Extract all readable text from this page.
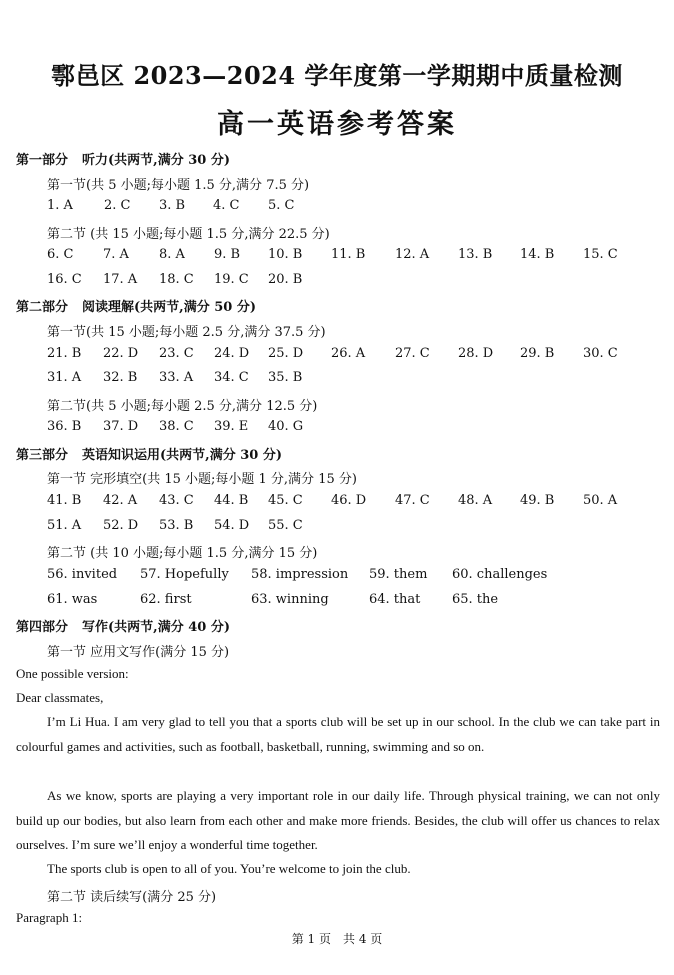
鄠邑区 2023—2024 学年度第一学期期中质量检测
高一英语参考答案
第一部分 听力(共两节,满分 30 分)
第一节(共 5 小题;每小题 1.5 分,满分 7.5 分)
1. A 2. C 3. B 4. C 5. C
第二节 (共 15 小题;每小题 1.5 分,满分 22.5 分)
6. C 7. A 8. A 9. B 10. B 11. B 12. A 13. B 14. B 15. C
16. C 17. A 18. C 19. C 20. B
第二部分 阅读理解(共两节,满分 50 分)
第一节(共 15 小题;每小题 2.5 分,满分 37.5 分)
21. B 22. D 23. C 24. D 25. D 26. A 27. C 28. D 29. B 30. C
31. A 32. B 33. A 34. C 35. B
第二节(共 5 小题;每小题 2.5 分,满分 12.5 分)
36. B 37. D 38. C 39. E 40. G
第三部分 英语知识运用(共两节,满分 30 分)
第一节 完形填空(共 15 小题;每小题 1 分,满分 15 分)
41. B 42. A 43. C 44. B 45. C 46. D 47. C 48. A 49. B 50. A
51. A 52. D 53. B 54. D 55. C
第二节 (共 10 小题;每小题 1.5 分,满分 15 分)
56. invited 57. Hopefully 58. impression 59. them 60. challenges
61. was	62. first	63. winning	64. that 65. the
第四部分 写作(共两节,满分 40 分)
第一节 应用文写作(满分 15 分)
One possible version:
Dear classmates,
I’m Li Hua. I am very glad to tell you that a sports club will be set up in our school. In the club we can take part in colourful games and activities, such as football, basketball, running, swimming and so on.
As we know, sports are playing a very important role in our daily life. Through physical training, we can not only build up our bodies, but also learn from each other and make more friends. Besides, the club will offer us chances to relax ourselves. I’m sure we’ll enjoy a wonderful time together.
The sports club is open to all of you. You’re welcome to join the club.
第二节 读后续写(满分 25 分)
Paragraph 1:
第 1 页　共 4 页
